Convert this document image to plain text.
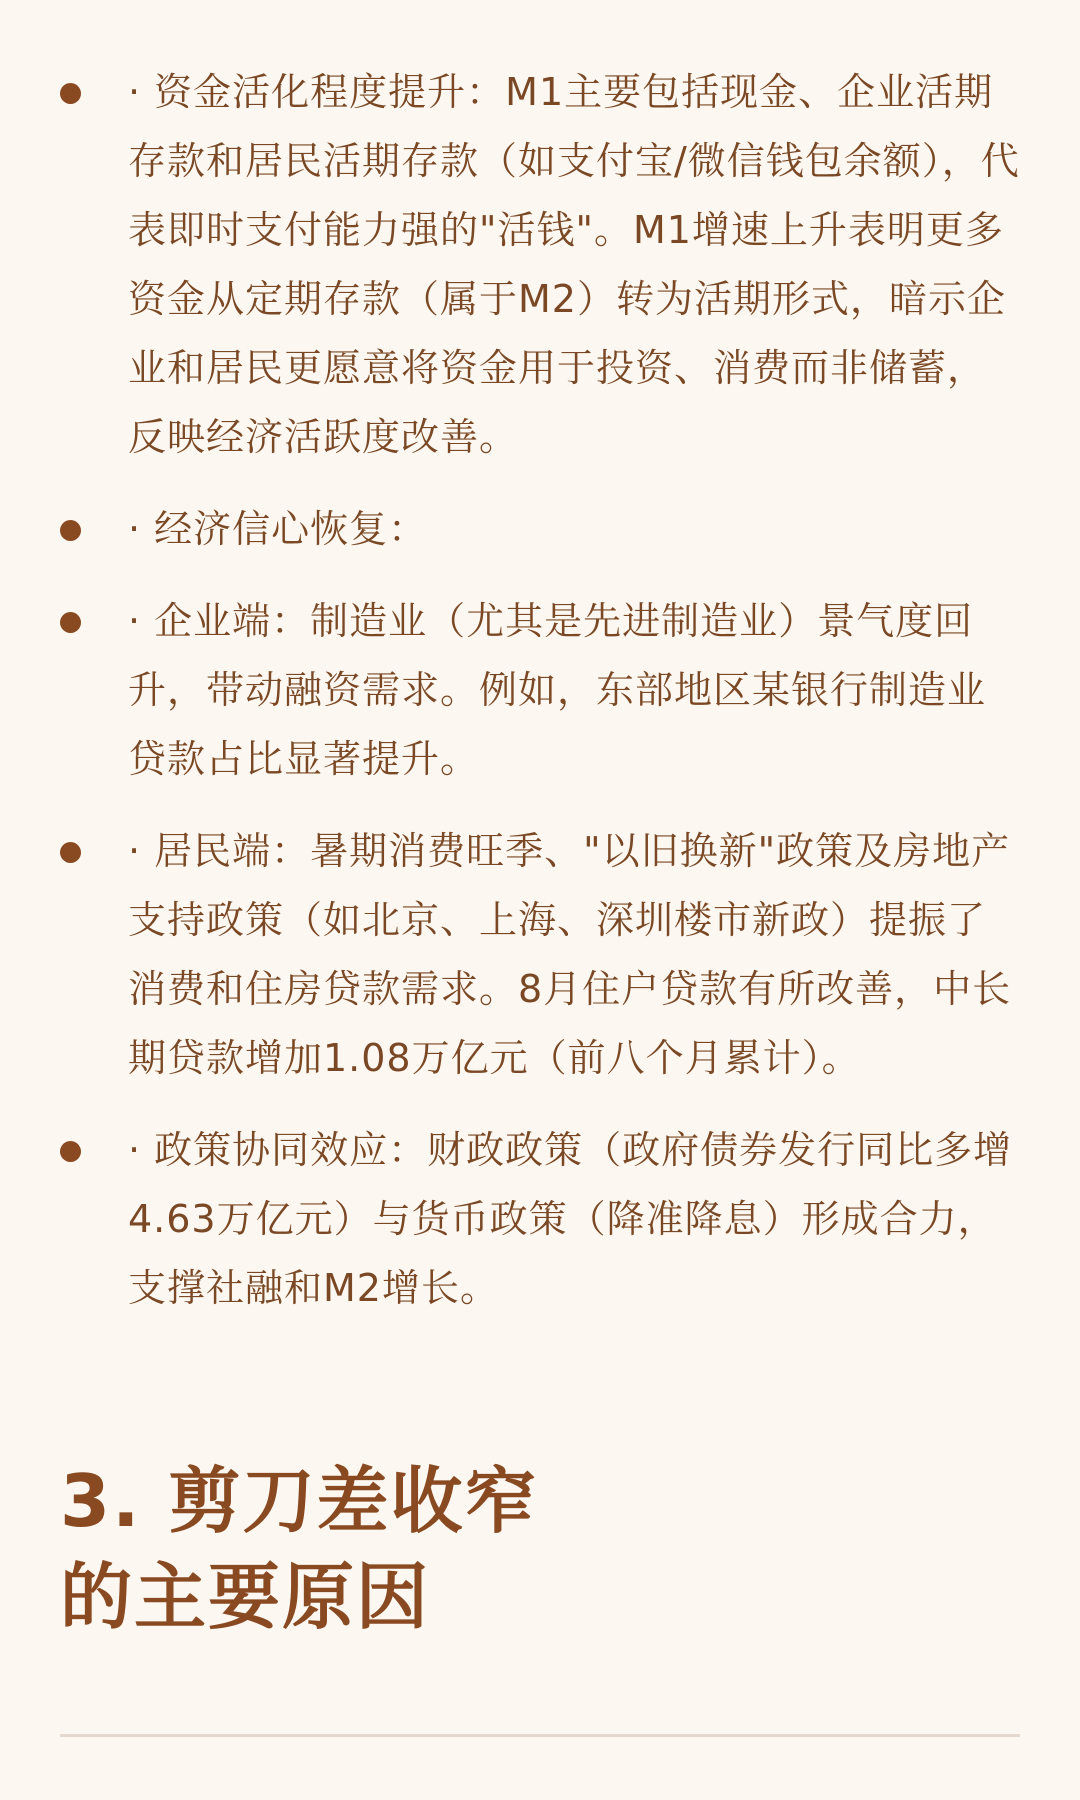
· 资金活化程度提升：M1主要包括现金、企业活期存款和居民活期存款（如支付宝/微信钱包余额），代表即时支付能力强的"活钱"。M1增速上升表明更多资金从定期存款（属于M2）转为活期形式，暗示企业和居民更愿意将资金用于投资、消费而非储蓄，反映经济活跃度改善。
· 经济信心恢复：
· 企业端：制造业（尤其是先进制造业）景气度回升，带动融资需求。例如，东部地区某银行制造业贷款占比显著提升。
· 居民端：暑期消费旺季、"以旧换新"政策及房地产支持政策（如北京、上海、深圳楼市新政）提振了消费和住房贷款需求。8月住户贷款有所改善，中长期贷款增加1.08万亿元（前八个月累计）。
· 政策协同效应：财政政策（政府债券发行同比多增4.63万亿元）与货币政策（降准降息）形成合力，支撑社融和M2增长。
3. 剪刀差收窄
的主要原因
